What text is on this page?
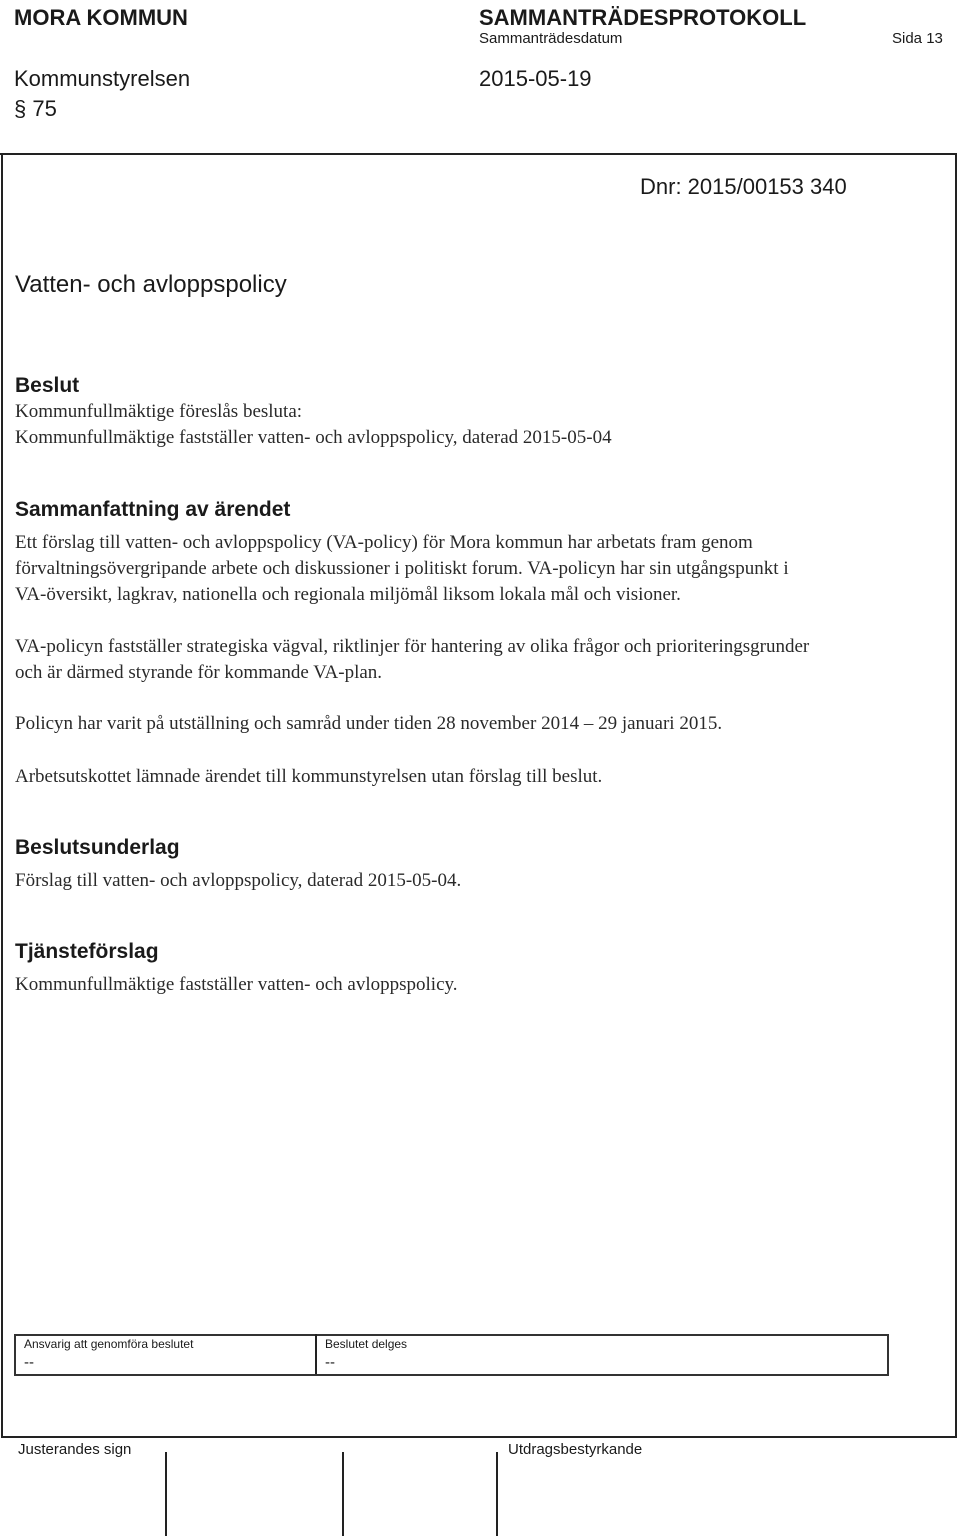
MORA KOMMUN	SAMMANTRÄDESPROTOKOLL
Sammanträdesdatum	Sida 13
Kommunstyrelsen	2015-05-19
§ 75
Dnr: 2015/00153 340
Vatten- och avloppspolicy
Beslut
Kommunfullmäktige föreslås besluta:
Kommunfullmäktige fastställer vatten- och avloppspolicy, daterad 2015-05-04
Sammanfattning av ärendet
Ett förslag till vatten- och avloppspolicy (VA-policy) för Mora kommun har arbetats fram genom
förvaltningsövergripande arbete och diskussioner i politiskt forum. VA-policyn har sin utgångspunkt i
VA-översikt, lagkrav, nationella och regionala miljömål liksom lokala mål och visioner.
VA-policyn fastställer strategiska vägval, riktlinjer för hantering av olika frågor och prioriteringsgrunder
och är därmed styrande för kommande VA-plan.
Policyn har varit på utställning och samråd under tiden 28 november 2014 – 29 januari 2015.
Arbetsutskottet lämnade ärendet till kommunstyrelsen utan förslag till beslut.
Beslutsunderlag
Förslag till vatten- och avloppspolicy, daterad 2015-05-04.
Tjänsteförslag
Kommunfullmäktige fastställer vatten- och avloppspolicy.
Ansvarig att genomföra beslutet
--
Beslutet delges
--
Justerandes sign	Utdragsbestyrkande
